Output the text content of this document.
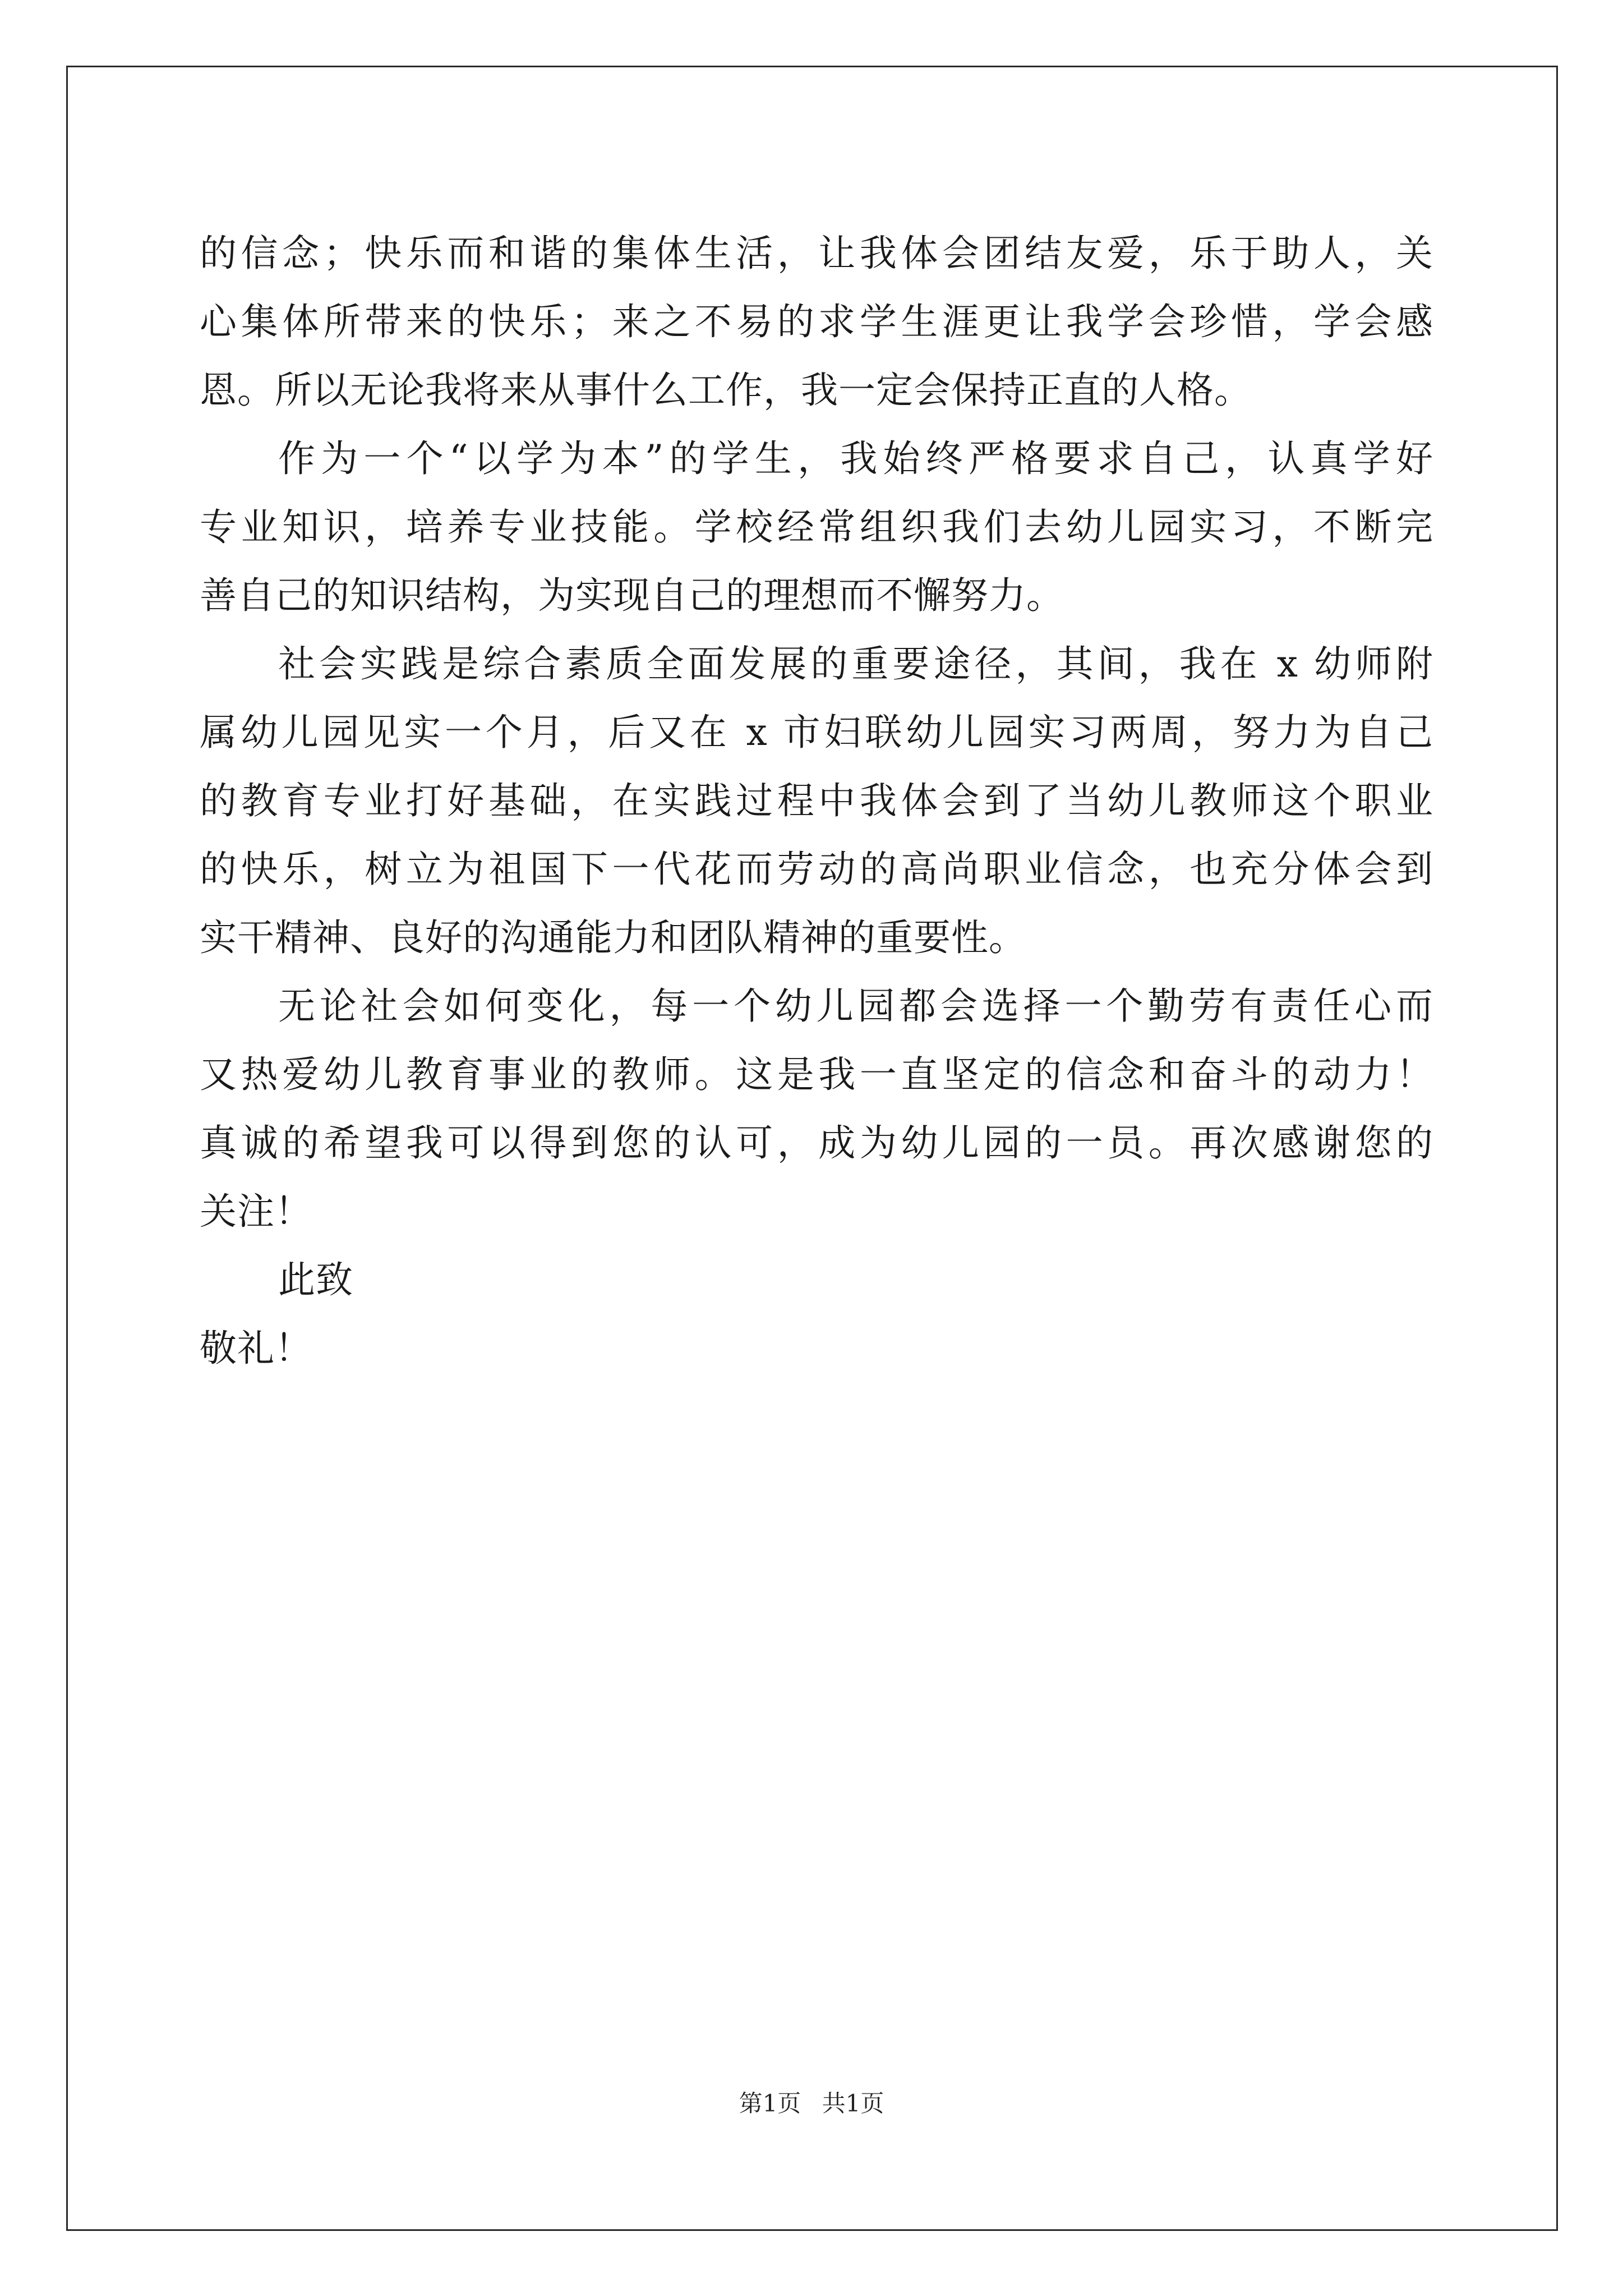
的信念；快乐而和谐的集体生活，让我体会团结友爱，乐于助人，关
心集体所带来的快乐；来之不易的求学生涯更让我学会珍惜，学会感
恩。所以无论我将来从事什么工作，我一定会保持正直的人格。
作为一个“以学为本”的学生，我始终严格要求自己，认真学好
专业知识，培养专业技能。学校经常组织我们去幼儿园实习，不断完
善自己的知识结构，为实现自己的理想而不懈努力。
社会实践是综合素质全面发展的重要途径，其间，我在 x 幼师附
属幼儿园见实一个月，后又在 x 市妇联幼儿园实习两周，努力为自己
的教育专业打好基础，在实践过程中我体会到了当幼儿教师这个职业
的快乐，树立为祖国下一代花而劳动的高尚职业信念，也充分体会到
实干精神、良好的沟通能力和团队精神的重要性。
无论社会如何变化，每一个幼儿园都会选择一个勤劳有责任心而
又热爱幼儿教育事业的教师。这是我一直坚定的信念和奋斗的动力！
真诚的希望我可以得到您的认可，成为幼儿园的一员。再次感谢您的
关注！
此致
敬礼！
第1页 共1页
